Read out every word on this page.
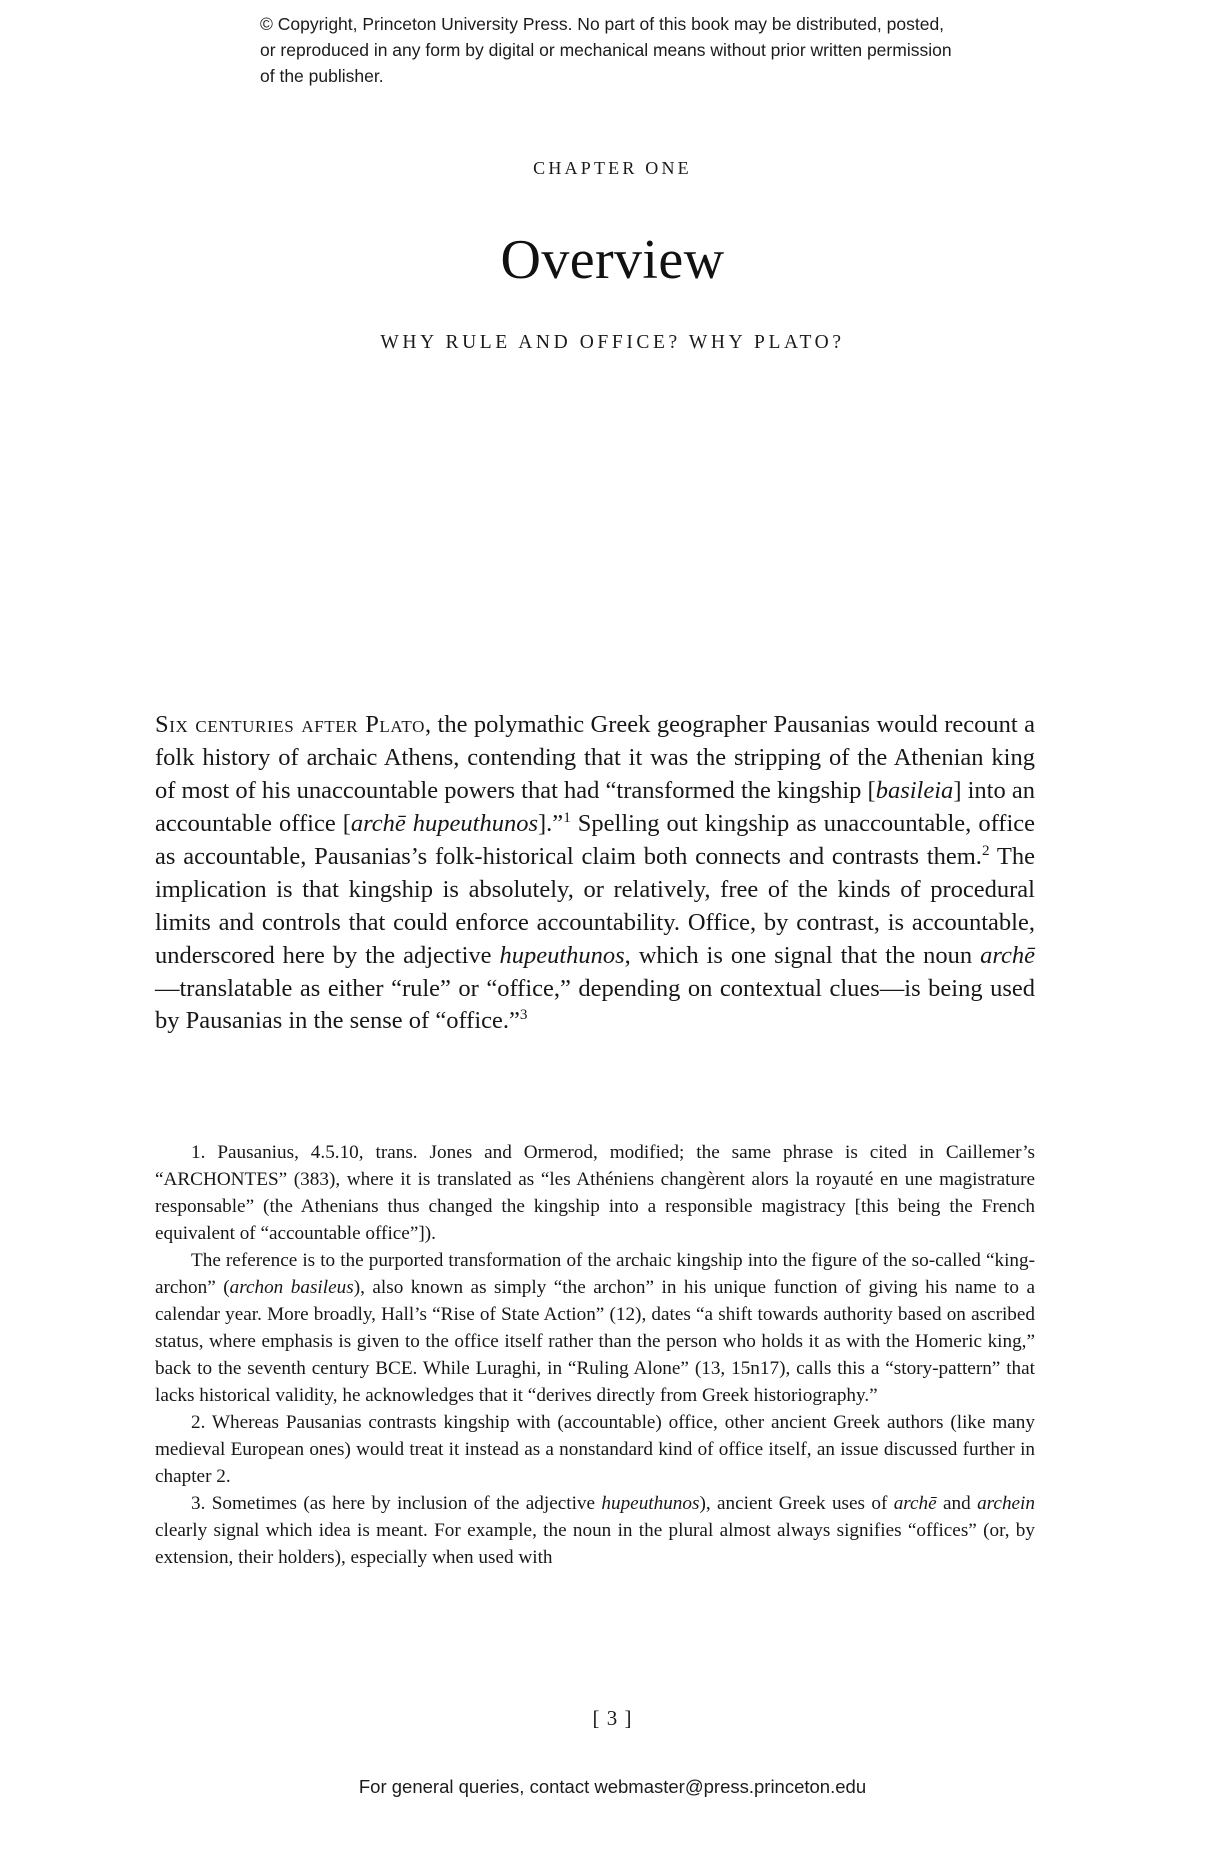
© Copyright, Princeton University Press. No part of this book may be distributed, posted, or reproduced in any form by digital or mechanical means without prior written permission of the publisher.
CHAPTER ONE
Overview
WHY RULE AND OFFICE? WHY PLATO?
Six centuries after Plato, the polymathic Greek geographer Pausanias would recount a folk history of archaic Athens, contending that it was the stripping of the Athenian king of most of his unaccountable powers that had “transformed the kingship [basileia] into an accountable office [archē hupeuthunos].”$^1$ Spelling out kingship as unaccountable, office as accountable, Pausanias’s folk-historical claim both connects and contrasts them.$^2$ The implication is that kingship is absolutely, or relatively, free of the kinds of procedural limits and controls that could enforce accountability. Office, by contrast, is accountable, underscored here by the adjective hupeuthunos, which is one signal that the noun archē—translatable as either “rule” or “office,” depending on contextual clues—is being used by Pausanias in the sense of “office.”$^3$

1. Pausanius, 4.5.10, trans. Jones and Ormerod, modified; the same phrase is cited in Caillemer’s “ARCHONTES” (383), where it is translated as “les Athéniens changèrent alors la royauté en une magistrature responsable” (the Athenians thus changed the kingship into a responsible magistracy [this being the French equivalent of “accountable office”]).

The reference is to the purported transformation of the archaic kingship into the figure of the so-called “king-archon” (archon basileus), also known as simply “the archon” in his unique function of giving his name to a calendar year. More broadly, Hall’s “Rise of State Action” (12), dates “a shift towards authority based on ascribed status, where emphasis is given to the office itself rather than the person who holds it as with the Homeric king,” back to the seventh century BCE. While Luraghi, in “Ruling Alone” (13, 15n17), calls this a “story-pattern” that lacks historical validity, he acknowledges that it “derives directly from Greek historiography.”

2. Whereas Pausanias contrasts kingship with (accountable) office, other ancient Greek authors (like many medieval European ones) would treat it instead as a nonstandard kind of office itself, an issue discussed further in chapter 2.

3. Sometimes (as here by inclusion of the adjective hupeuthunos), ancient Greek uses of archē and archein clearly signal which idea is meant. For example, the noun in the plural almost always signifies “offices” (or, by extension, their holders), especially when used with

[ 3 ]
For general queries, contact webmaster@press.princeton.edu
